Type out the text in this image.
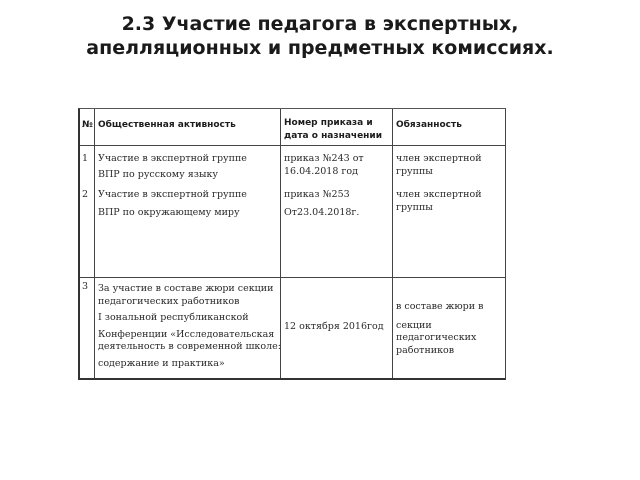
2.3 Участие педагога в экспертных,
апелляционных и предметных комиссиях.
№ Общественная активность	Номер приказа и
дата о назначении
Обязанность
1 Участие в экспертной группе
ВПР по русскому языку
приказ №243 от
16.04.2018 год
член экспертной
группы
2 Участие в экспертной группе
ВПР по окружающему миру
приказ №253
От23.04.2018г.
член экспертной
группы
3 За участие в составе жюри секции
педагогических работников
I зональной республиканской
Конференции «Исследовательская
деятельность в современной школе:
содержание и практика»
12 октября 2016год
в составе жюри в
секции
педагогических
работников
